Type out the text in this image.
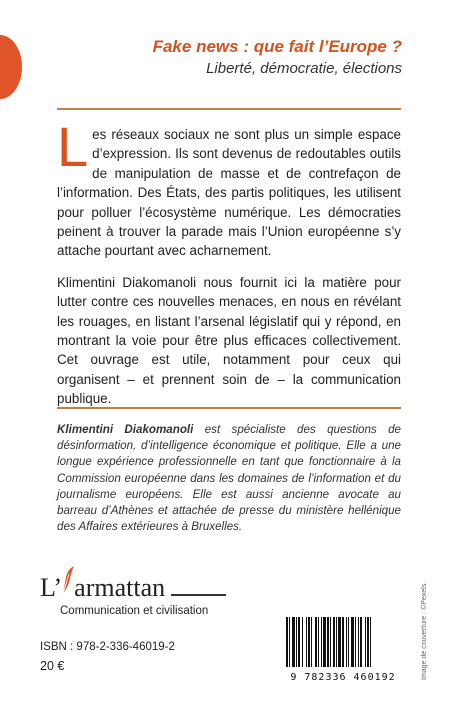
Fake news : que fait l’Europe ?
Liberté, démocratie, élections

Les réseaux sociaux ne sont plus un simple espace d’expression. Ils sont devenus de redoutables outils de manipulation de masse et de contrefaçon de l’information. Des États, des partis politiques, les utilisent pour polluer l’écosystème numérique. Les démocraties peinent à trouver la parade mais l’Union européenne s’y attache pourtant avec acharnement.

Klimentini Diakomanoli nous fournit ici la matière pour lutter contre ces nouvelles menaces, en nous en révélant les rouages, en listant l’arsenal législatif qui y répond, en montrant la voie pour être plus efficaces collectivement. Cet ouvrage est utile, notamment pour ceux qui organisent – et prennent soin de – la communication publique.

Klimentini Diakomanoli est spécialiste des questions de désinformation, d’intelligence économique et politique. Elle a une longue expérience professionnelle en tant que fonctionnaire à la Commission européenne dans les domaines de l’information et du journalisme européens. Elle est aussi ancienne avocate au barreau d’Athènes et attachée de presse du ministère hellénique des Affaires extérieures à Bruxelles.
L’ armattan
Communication et civilisation
ISBN : 978-2-336-46019-2
20 €
9 782336 460192	Image de couverture : ©Pexels.
